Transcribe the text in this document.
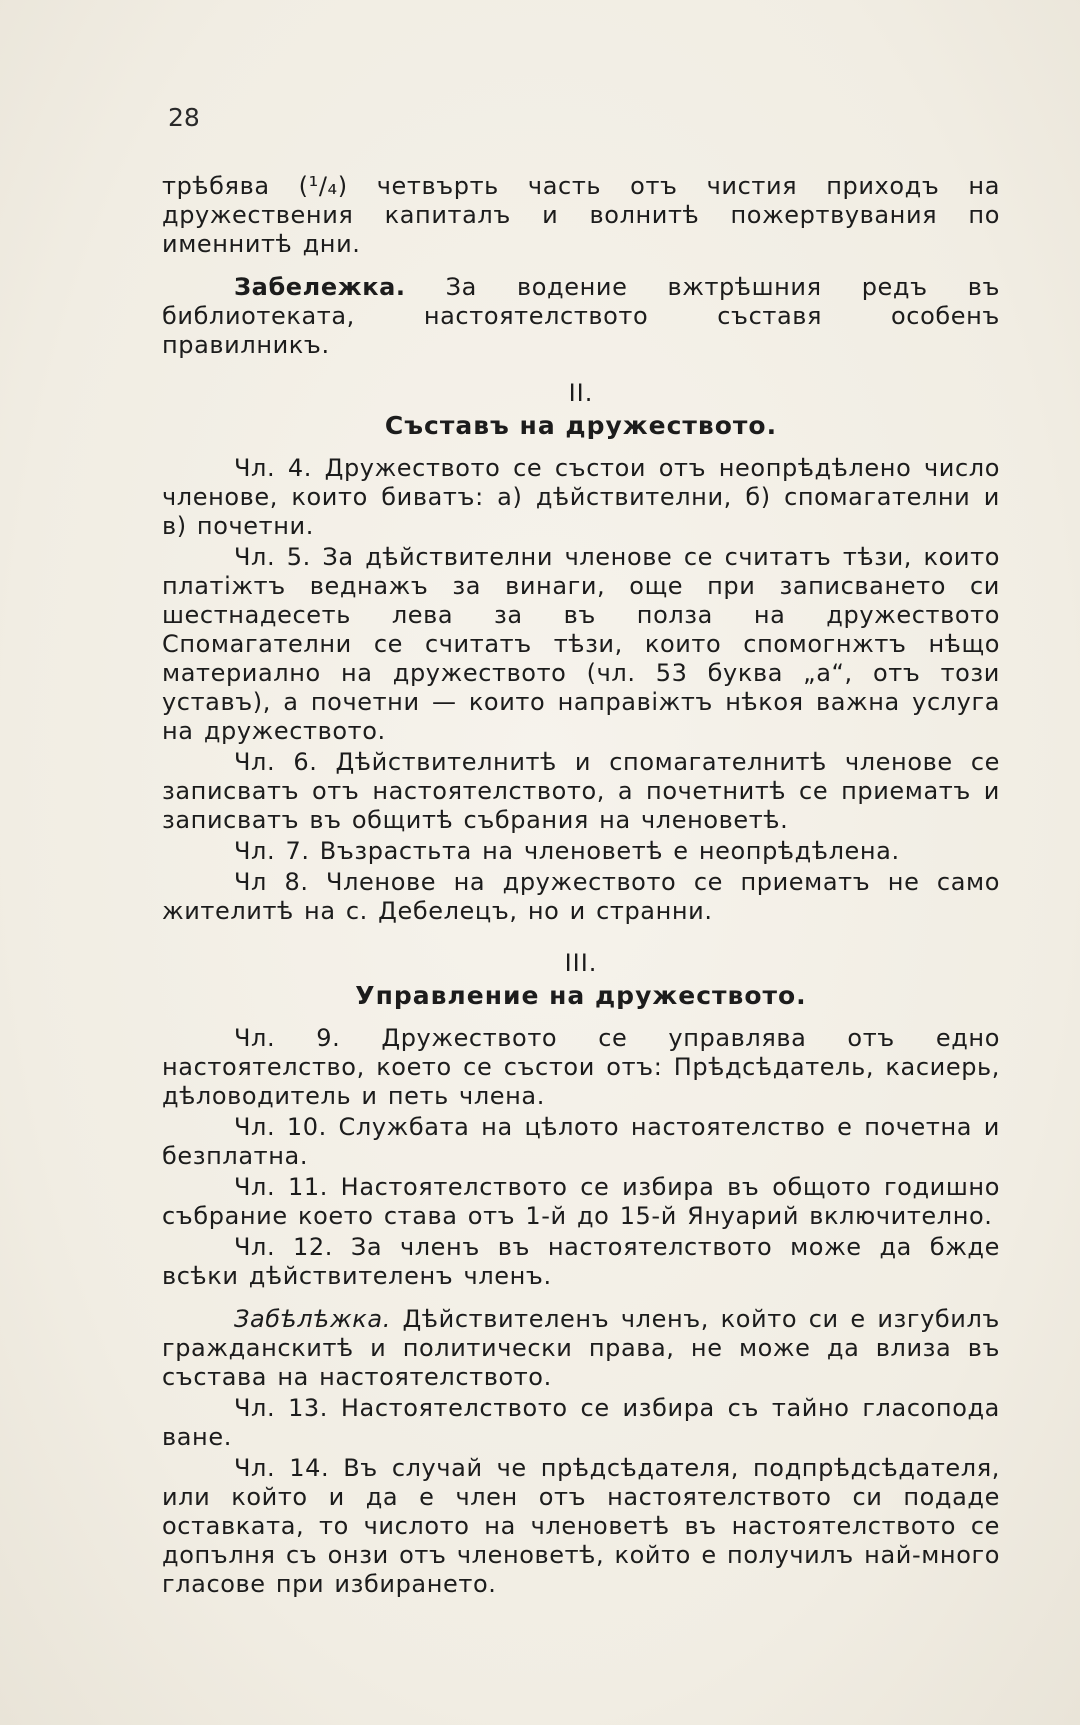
28

трѣбява (¹/₄) четвърть часть отъ чистия приходъ на дружествения капиталъ и волнитѣ пожертвувания по именнитѣ дни.

Забележка. За водение вжтрѣшния редъ въ библиотеката, настоятелството съставя особенъ правилникъ.

II.
Съставъ на дружеството.

Чл. 4. Дружеството се състои отъ неопрѣдѣлено число членове, които биватъ: а) дѣйствителни, б) спомагателни и в) почетни.

Чл. 5. За дѣйствителни членове се считатъ тѣзи, които платiжтъ веднажъ за винаги, още при записването си шестнадесеть лева за въ полза на дружеството Спомагателни се считатъ тѣзи, които спомогнжтъ нѣщо материално на дружеството (чл. 53 буква „а“, отъ този уставъ), а почетни — които направiжтъ нѣкоя важна услуга на дружеството.

Чл. 6. Дѣйствителнитѣ и спомагателнитѣ членове се записватъ отъ настоятелството, а почетнитѣ се приематъ и записватъ въ общитѣ събрания на членоветѣ.

Чл. 7. Възрастьта на членоветѣ е неопрѣдѣлена.

Чл 8. Членове на дружеството се приематъ не само жителитѣ на с. Дебелецъ, но и странни.

III.
Управление на дружеството.

Чл. 9. Дружеството се управлява отъ едно настоятелство, което се състои отъ: Прѣдсѣдатель, касиерь, дѣловодитель и петь члена.

Чл. 10. Службата на цѣлото настоятелство е почетна и безплатна.

Чл. 11. Настоятелството се избира въ общото годишно събрание което става отъ 1-й до 15-й Януарий включително.

Чл. 12. За членъ въ настоятелството може да бжде всѣки дѣйствителенъ членъ.

Забѣлѣжка. Дѣйствителенъ членъ, който си е изгубилъ гражданскитѣ и политически права, не може да влиза въ състава на настоятелството.

Чл. 13. Настоятелството се избира съ тайно гласопода ване.

Чл. 14. Въ случай че прѣдсѣдателя, подпрѣдсѣдателя, или който и да е член отъ настоятелството си подаде оставката, то числото на членоветѣ въ настоятелството се допълня съ онзи отъ членоветѣ, който е получилъ най-много гласове при избирането.
